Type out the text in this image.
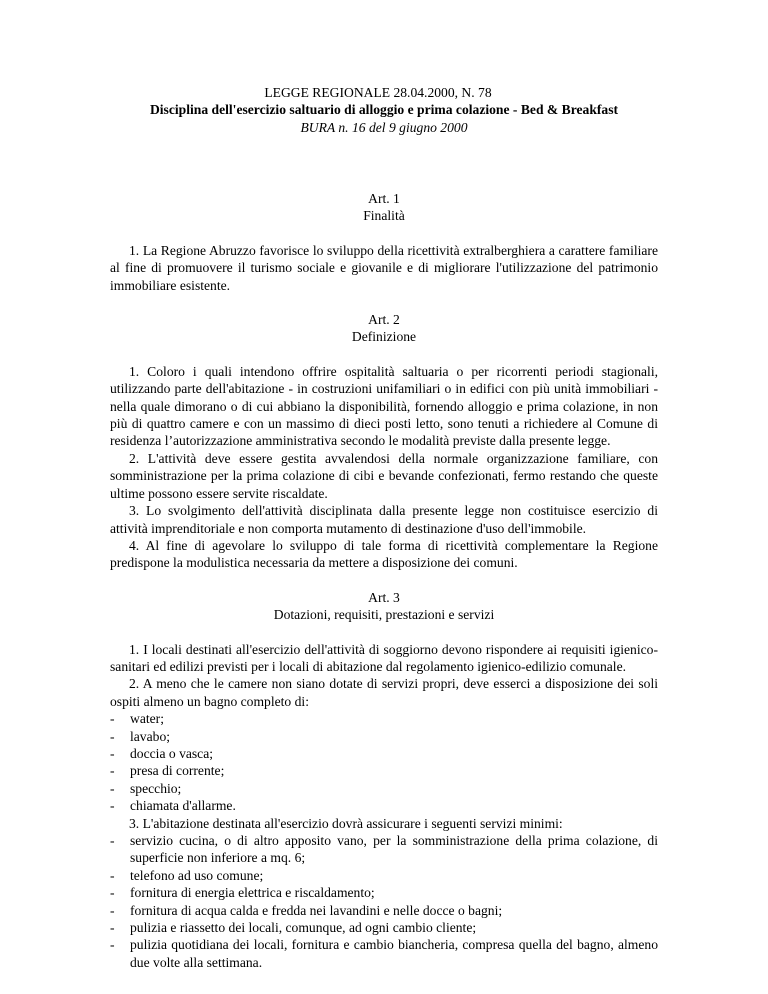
LEGGE REGIONALE 28.04.2000, N. 78
Disciplina dell'esercizio saltuario di alloggio e prima colazione - Bed & Breakfast
BURA n. 16 del 9 giugno 2000
Art. 1
Finalità

1. La Regione Abruzzo favorisce lo sviluppo della ricettività extralberghiera a carattere familiare al fine di promuovere il turismo sociale e giovanile e di migliorare l'utilizzazione del patrimonio immobiliare esistente.

Art. 2
Definizione

1. Coloro i quali intendono offrire ospitalità saltuaria o per ricorrenti periodi stagionali, utilizzando parte dell'abitazione - in costruzioni unifamiliari o in edifici con più unità immobiliari - nella quale dimorano o di cui abbiano la disponibilità, fornendo alloggio e prima colazione, in non più di quattro camere e con un massimo di dieci posti letto, sono tenuti a richiedere al Comune di residenza l’autorizzazione amministrativa secondo le modalità previste dalla presente legge.

2. L'attività deve essere gestita avvalendosi della normale organizzazione familiare, con somministrazione per la prima colazione di cibi e bevande confezionati, fermo restando che queste ultime possono essere servite riscaldate.

3. Lo svolgimento dell'attività disciplinata dalla presente legge non costituisce esercizio di attività imprenditoriale e non comporta mutamento di destinazione d'uso dell'immobile.

4. Al fine di agevolare lo sviluppo di tale forma di ricettività complementare la Regione predispone la modulistica necessaria da mettere a disposizione dei comuni.

Art. 3
Dotazioni, requisiti, prestazioni e servizi

1. I locali destinati all'esercizio dell'attività di soggiorno devono rispondere ai requisiti igienico-sanitari ed edilizi previsti per i locali di abitazione dal regolamento igienico-edilizio comunale.

2. A meno che le camere non siano dotate di servizi propri, deve esserci a disposizione dei soli ospiti almeno un bagno completo di:

- water;
- lavabo;
- doccia o vasca;
- presa di corrente;
- specchio;
- chiamata d'allarme.

3. L'abitazione destinata all'esercizio dovrà assicurare i seguenti servizi minimi:

- servizio cucina, o di altro apposito vano, per la somministrazione della prima colazione, di superficie non inferiore a mq. 6;
- telefono ad uso comune;
- fornitura di energia elettrica e riscaldamento;
- fornitura di acqua calda e fredda nei lavandini e nelle docce o bagni;
- pulizia e riassetto dei locali, comunque, ad ogni cambio cliente;
- pulizia quotidiana dei locali, fornitura e cambio biancheria, compresa quella del bagno, almeno due volte alla settimana.
